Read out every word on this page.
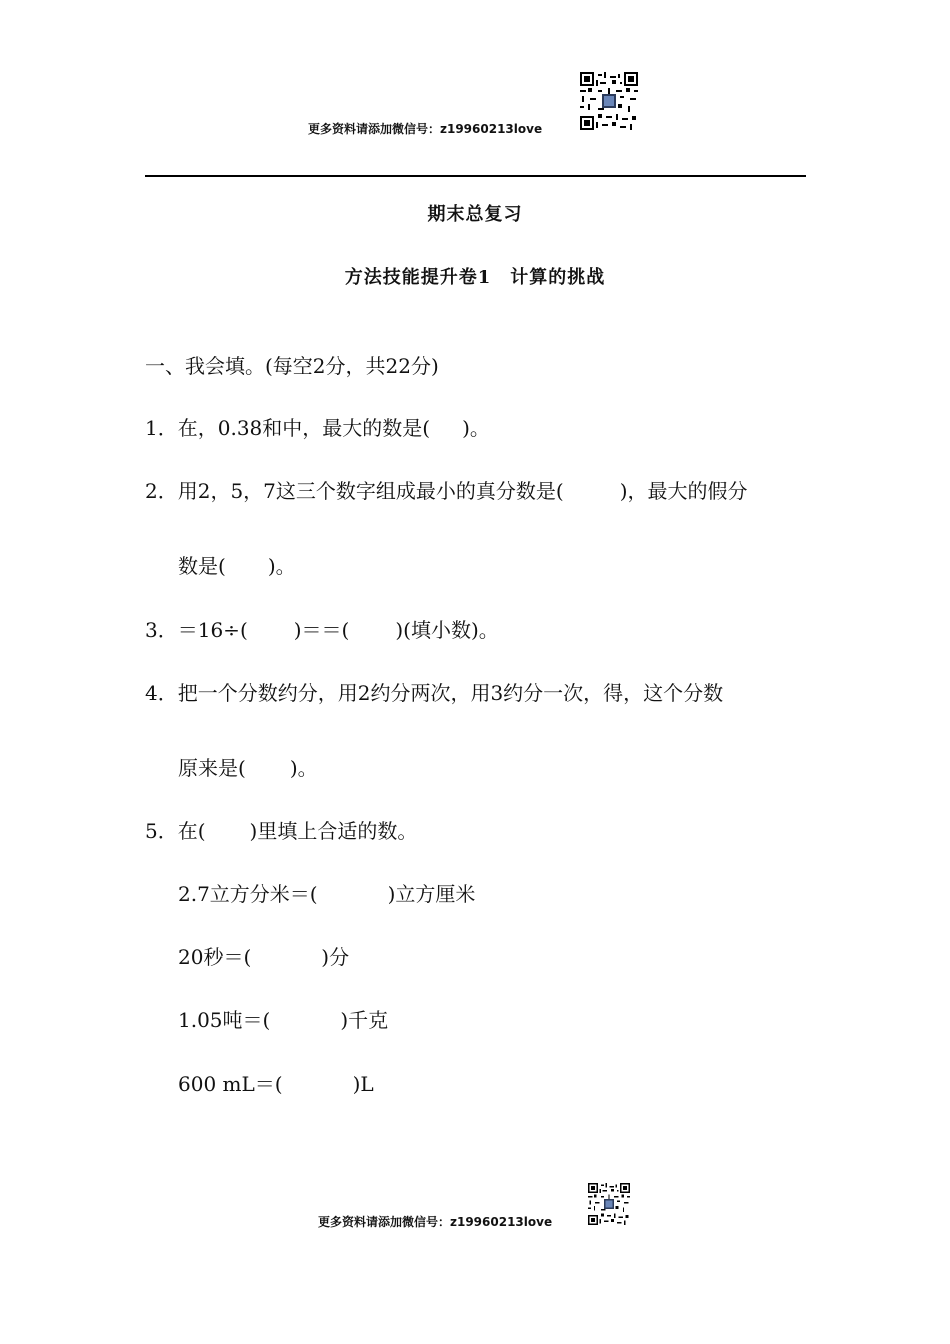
更多资料请添加微信号：z19960213love
期末总复习
方法技能提升卷1　计算的挑战
一、我会填。(每空2分，共22分)
1．在，0.38和中，最大的数是( )。
2．用2，5，7这三个数字组成最小的真分数是(	)，最大的假分
数是( )。
3．＝16÷( )＝＝( )(填小数)。
4．把一个分数约分，用2约分两次，用3约分一次，得，这个分数
原来是( )。
5．在( )里填上合适的数。
2.7立方分米＝(	)立方厘米
20秒＝(	)分
1.05吨＝(	)千克
600 mL＝(	)L
更多资料请添加微信号：z19960213love
